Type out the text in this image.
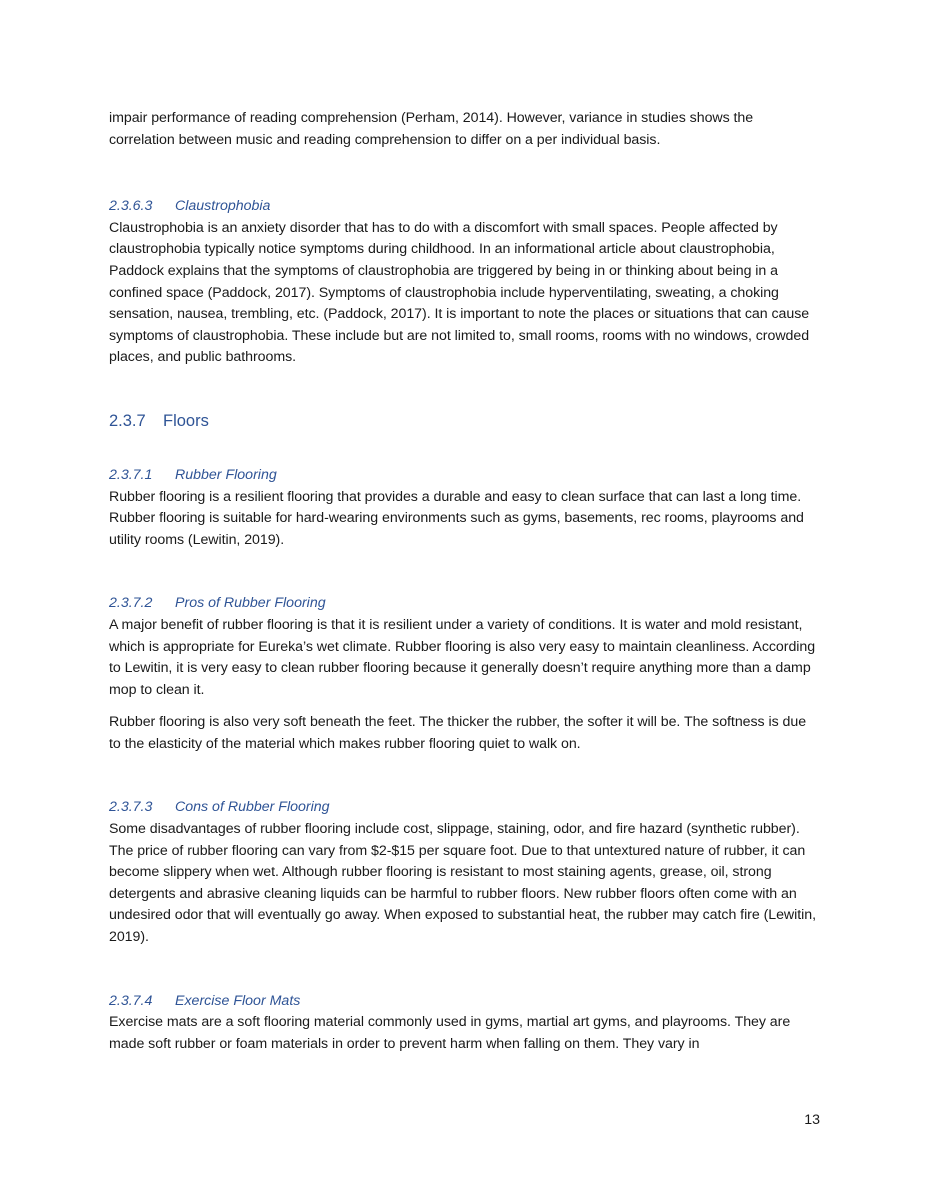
impair performance of reading comprehension (Perham, 2014). However, variance in studies shows the correlation between music and reading comprehension to differ on a per individual basis.

2.3.6.3 Claustrophobia

Claustrophobia is an anxiety disorder that has to do with a discomfort with small spaces. People affected by claustrophobia typically notice symptoms during childhood. In an informational article about claustrophobia, Paddock explains that the symptoms of claustrophobia are triggered by being in or thinking about being in a confined space (Paddock, 2017). Symptoms of claustrophobia include hyperventilating, sweating, a choking sensation, nausea, trembling, etc. (Paddock, 2017). It is important to note the places or situations that can cause symptoms of claustrophobia. These include but are not limited to, small rooms, rooms with no windows, crowded places, and public bathrooms.

2.3.7 Floors
2.3.7.1 Rubber Flooring

Rubber flooring is a resilient flooring that provides a durable and easy to clean surface that can last a long time. Rubber flooring is suitable for hard-wearing environments such as gyms, basements, rec rooms, playrooms and utility rooms (Lewitin, 2019).

2.3.7.2 Pros of Rubber Flooring

A major benefit of rubber flooring is that it is resilient under a variety of conditions. It is water and mold resistant, which is appropriate for Eureka’s wet climate. Rubber flooring is also very easy to maintain cleanliness. According to Lewitin, it is very easy to clean rubber flooring because it generally doesn’t require anything more than a damp mop to clean it.

Rubber flooring is also very soft beneath the feet. The thicker the rubber, the softer it will be. The softness is due to the elasticity of the material which makes rubber flooring quiet to walk on.

2.3.7.3 Cons of Rubber Flooring

Some disadvantages of rubber flooring include cost, slippage, staining, odor, and fire hazard (synthetic rubber). The price of rubber flooring can vary from $2-$15 per square foot. Due to that untextured nature of rubber, it can become slippery when wet. Although rubber flooring is resistant to most staining agents, grease, oil, strong detergents and abrasive cleaning liquids can be harmful to rubber floors. New rubber floors often come with an undesired odor that will eventually go away. When exposed to substantial heat, the rubber may catch fire (Lewitin, 2019).

2.3.7.4 Exercise Floor Mats

Exercise mats are a soft flooring material commonly used in gyms, martial art gyms, and playrooms. They are made soft rubber or foam materials in order to prevent harm when falling on them. They vary in

13
